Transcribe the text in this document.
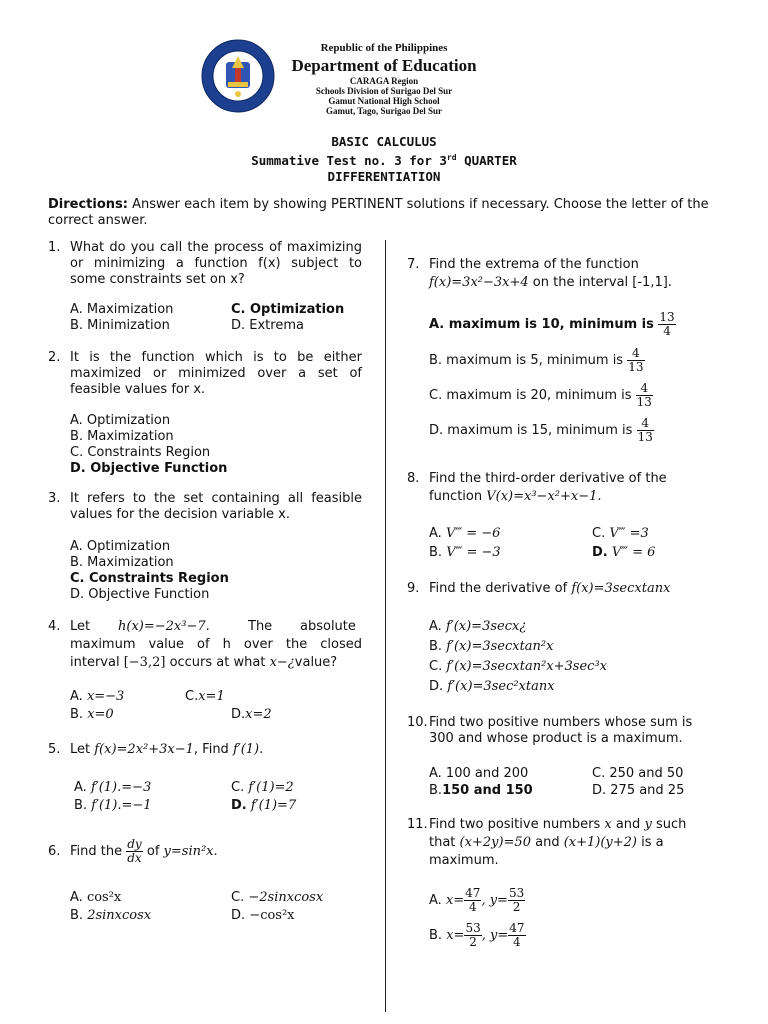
Republic of the Philippines
Department of Education
CARAGA Region
Schools Division of Surigao Del Sur
Gamut National High School
Gamut, Tago, Surigao Del Sur
BASIC CALCULUS
Summative Test no. 3 for 3rd QUARTER
DIFFERENTIATION
Directions: Answer each item by showing PERTINENT solutions if necessary. Choose the letter of the correct answer.
1. What do you call the process of maximizing or minimizing a function f(x) subject to some constraints set on x?
A. Maximization
B. Minimization
C. Optimization
D. Extrema
2. It is the function which is to be either maximized or minimized over a set of feasible values for x.
A. Optimization
B. Maximization
C. Constraints Region
D. Objective Function
3. It refers to the set containing all feasible values for the decision variable x.
A. Optimization
B. Maximization
C. Constraints Region
D. Objective Function
4. Let h(x)=−2x³−7.	The absolute
maximum value of h over the closed
interval [−3,2] occurs at what x−¿value?
A. x=−3
B. x=0
C.x=1
D.x=2
5. Let f(x)=2x²+3x−1, Find f′(1).
A. f′(1).=−3
B. f′(1).=−1
C. f′(1)=2
D. f′(1)=7
6. Find the $\frac{dy}{dx}$ of y=sin²x.
A. cos²x
B. 2sinxcosx
C. −2sinxcosx
D. −cos²x
7. Find the extrema of the function
f(x)=3x²−3x+4 on the interval [-1,1].
A. maximum is 10, minimum is $\frac{13}{4}$
B. maximum is 5, minimum is $\frac{4}{13}$
C. maximum is 20, minimum is $\frac{4}{13}$
D. maximum is 15, minimum is $\frac{4}{13}$
8. Find the third-order derivative of the
function V(x)=x³−x²+x−1.
A. V‴ = −6
B. V‴ = −3
C. V‴ =3
D. V‴ = 6
9. Find the derivative of f(x)=3secxtanx
A. f′(x)=3secx¿
B. f′(x)=3secxtan²x
C. f′(x)=3secxtan²x+3sec³x
D. f′(x)=3sec²xtanx
10. Find two positive numbers whose sum is 300 and whose product is a maximum.
A. 100 and 200
B.150 and 150
C. 250 and 50
D. 275 and 25
11. Find two positive numbers x and y such
that (x+2y)=50 and (x+1)(y+2) is a
maximum.
A. $x= \frac{47}{4}$ , $y= \frac{53}{2}$
B. $x= \frac{53}{2}$ , $y= \frac{47}{4}$
